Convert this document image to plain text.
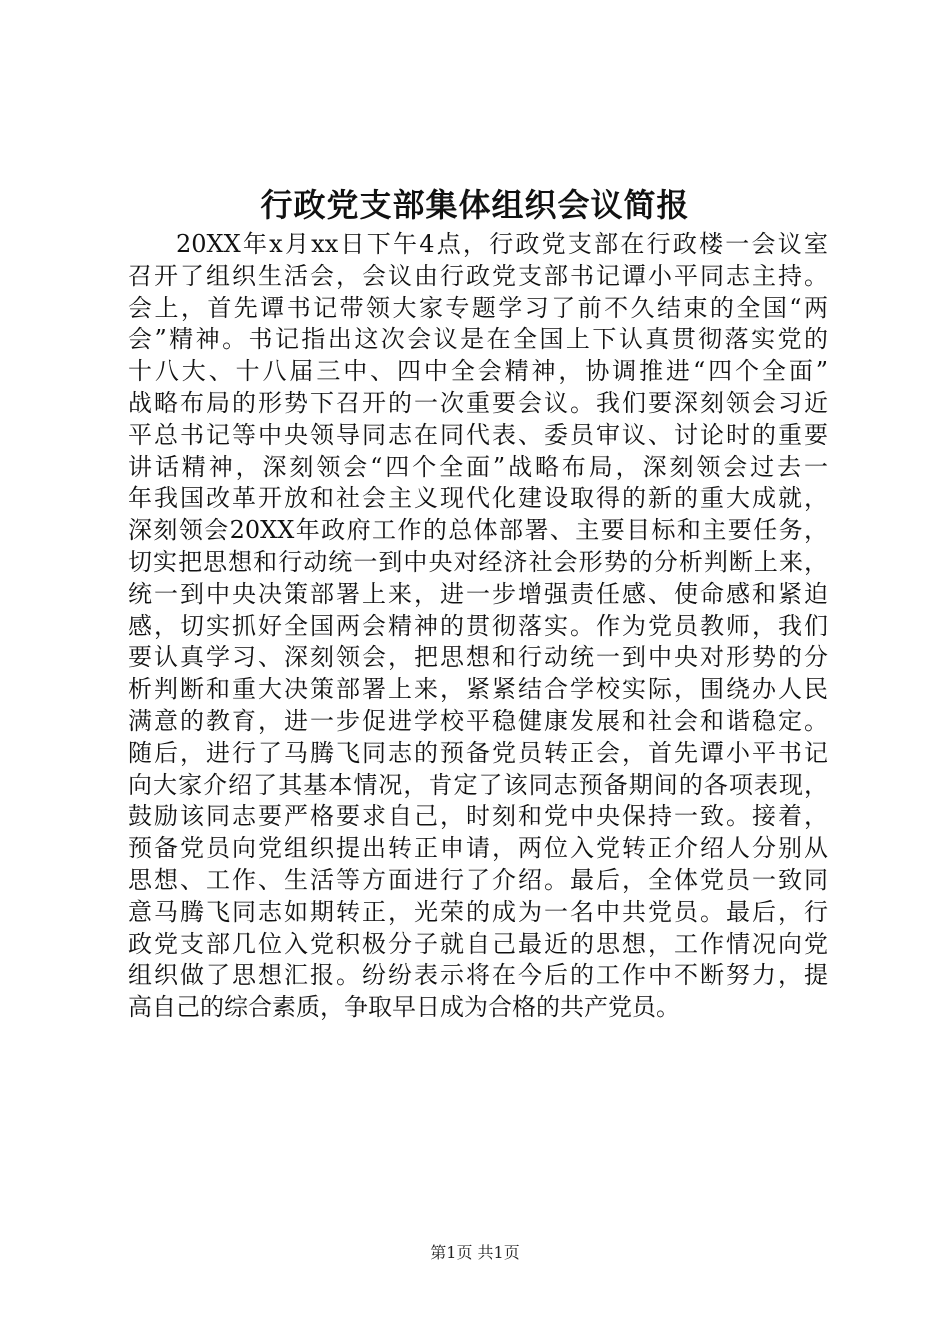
行政党支部集体组织会议简报
20XX年x月xx日下午4点，行政党支部在行政楼一会议室
召开了组织生活会，会议由行政党支部书记谭小平同志主持。
会上，首先谭书记带领大家专题学习了前不久结束的全国“两
会”精神。书记指出这次会议是在全国上下认真贯彻落实党的
十八大、十八届三中、四中全会精神，协调推进“四个全面”
战略布局的形势下召开的一次重要会议。我们要深刻领会习近
平总书记等中央领导同志在同代表、委员审议、讨论时的重要
讲话精神，深刻领会“四个全面”战略布局，深刻领会过去一
年我国改革开放和社会主义现代化建设取得的新的重大成就，
深刻领会20XX年政府工作的总体部署、主要目标和主要任务，
切实把思想和行动统一到中央对经济社会形势的分析判断上来，
统一到中央决策部署上来，进一步增强责任感、使命感和紧迫
感，切实抓好全国两会精神的贯彻落实。作为党员教师，我们
要认真学习、深刻领会，把思想和行动统一到中央对形势的分
析判断和重大决策部署上来，紧紧结合学校实际，围绕办人民
满意的教育，进一步促进学校平稳健康发展和社会和谐稳定。
随后，进行了马腾飞同志的预备党员转正会，首先谭小平书记
向大家介绍了其基本情况，肯定了该同志预备期间的各项表现，
鼓励该同志要严格要求自己，时刻和党中央保持一致。接着，
预备党员向党组织提出转正申请，两位入党转正介绍人分别从
思想、工作、生活等方面进行了介绍。最后，全体党员一致同
意马腾飞同志如期转正，光荣的成为一名中共党员。最后，行
政党支部几位入党积极分子就自己最近的思想，工作情况向党
组织做了思想汇报。纷纷表示将在今后的工作中不断努力，提
高自己的综合素质，争取早日成为合格的共产党员。
第1页 共1页
